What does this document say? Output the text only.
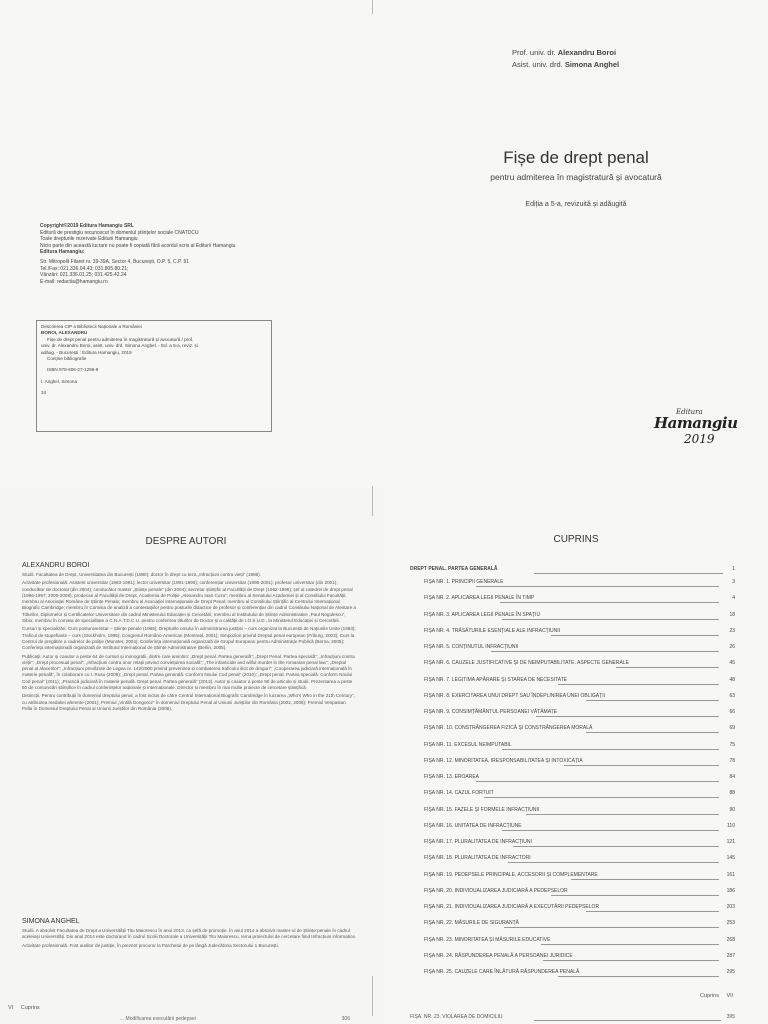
Prof. univ. dr. Alexandru Boroi
Asist. univ. drd. Simona Anghel
Fișe de drept penal
pentru admiterea în magistratură și avocatură
Ediția a 5-a, revizuită și adăugită
Editura
Hamangiu
2019
Copyright©2019 Editura Hamangiu SRL
Editură de prestigiu recunoscut în domeniul științelor sociale CNATDCU
Toate drepturile rezervate Editurii Hamangiu
Nicio parte din această lucrare nu poate fi copiată fără acordul scris al Editurii Hamangiu
Editura Hamangiu:
Str. Mitropolit Filaret nr. 39-39A, Sector 4, București, O.P. 5, C.P. 91
Tel./Fax: 021.336.04.43; 031.805.80.21;
Vânzări: 021.336.01.25; 031.425.42.24
E-mail: redactia@hamangiu.ro
Descrierea CIP a Bibliotecii Naționale a României
BOROI, ALEXANDRU
Fișe de drept penal pentru admiterea în magistratură și avocatură / prof.
univ. dr. Alexandru Boroi, asist. univ. drd. Simona Anghel. - Ed. a 5-a, reviz. și
adăug. - București : Editura Hamangiu, 2019
Conține bibliografie
ISBN 978-606-27-1296-9
I. Anghel, Simona
34
DESPRE AUTORI
ALEXANDRU BOROI

Studii. Facultatea de Drept, Universitatea din București (1980); doctor în drept cu teza „Infracțiuni contra vieții” (1996).

Activitate profesională. Asistent universitar (1983-1991); lector universitar (1991-1996); conferențiar universitar (1996-2001); profesor universitar (din 2001); conducător de doctorat (din 2004); conducător master „Științe penale” (din 2004); secretar științific al Facultății de Drept (1992-1996); șef al catedrei de drept penal (1996-1997; 2000-2008); prodecan al Facultății de Drept, Academia de Poliție „Alexandru Ioan Cuza”; membru al Senatului Academiei și al Consiliului Facultății; membru al Asociației Române de Științe Penale; membru al Asociației Internaționale de Drept Penal; membru al Consiliului Științific al Centrului Internațional Biografic Cambridge; membru în Comisia de analiză a contestațiilor pentru posturile didactice de profesor și conferențiar din cadrul Consiliului Național de Atestare a Titlurilor, Diplomelor și Certificatelor Universitare din cadrul Ministerului Educației și Cercetării; membru al Institutului de Științe Administrative „Paul Negulescu”, Sibiu; membru în comisia de specialitate a C.N.A.T.D.C.U. pentru conferirea titlurilor de Doctor și a calității de I.O.S.U.D., la Ministerul Educației și Cercetării.

Cursuri și specializări. Curs postuniversitar – Științe penale (1985); Drepturile omului în administrarea justiției – curs organizat la București de Națiunile Unite (1993); Traficul de stupefiante – curs (Stockholm, 1995); Congresul Româno-American (Montreal, 2001); Simpozion privind Dreptul penal european (Friburg, 2003); Curs la Centrul de pregătire a cadrelor de poliție (Munster, 2004); Conferința internațională organizată de Grupul European pentru Administrație Publică (Berna, 2005); Conferința internațională organizată de Institutul Internațional de Științe Administrative (Berlin, 2005).

Publicații. Autor și coautor a peste 64 de cursuri și monografii, dintre care amintim: „Drept penal. Partea generală”; „Drept Penal. Partea specială”; „Infracțiuni contra vieții”; „Drept procesual penal”; „Infracțiuni contra unor relații privind conviețuirea socială”; „The infanticide and wilful murder in the romanian penal law”; „Dreptul penal al afacerilor”; „Infracțiuni prevăzute de Legea nr. 143/2000 privind prevenirea și combaterea traficului ilicit de droguri”; „Cooperarea judiciară internațională în materie penală”, în colaborare cu I. Rusu (2008); „Drept penal. Partea generală. Conform Noului Cod penal” (2010); „Drept penal. Partea specială. Conform Noului Cod penal” (2011); „Practică judiciară în materie penală. Drept penal. Partea generală” (2013). Autor și coautor a peste 90 de articole și studii. Prezentarea a peste 50 de comunicări științifice în cadrul conferințelor naționale și internaționale. Director și membru în mai multe proiecte de cercetare științifică.

Distincții. Pentru contribuții în domeniul dreptului penal, a fost inclus de către Centrul Internațional Biografic Cambridge în lucrarea „Who's Who in the 21th Century”, cu atribuirea medaliei aferente (2001); Premiul „Vintilă Dongoroz” în domeniul Dreptului Penal al Uniunii Juriștilor din România (2002, 2006); Premiul Vespasian Pella în Domeniul Dreptului Penal al Uniunii Juriștilor din România (2008).

SIMONA ANGHEL

Studii. A absolvit Facultatea de Drept a Universității Titu Maiorescu în anul 2013, ca șefă de promoție. În anul 2014 a absolvit master-ul de Științe penale în cadrul aceleiași Universități. Din anul 2014 este doctorand în cadrul Școlii Doctorale a Universității Titu Maiorescu, tema proiectului de cercetare fiind Infracțiuni informatice.

Activitate profesională. Fost auditor de justiție, în prezent procuror la Parchetul de pe lângă Judecătoria Sectorului 1 București.

VI Cuprins
... Modificarea executării pedepsei	306
CUPRINS
DREPT PENAL. PARTEA GENERALĂ	1
FIȘA NR. 1. PRINCIPII GENERALE	3
FIȘA NR. 2. APLICAREA LEGII PENALE ÎN TIMP	4
FIȘA NR. 3. APLICAREA LEGII PENALE ÎN SPAȚIU	18
FIȘA NR. 4. TRĂSĂTURILE ESENȚIALE ALE INFRACȚIUNII	23
FIȘA NR. 5. CONȚINUTUL INFRACȚIUNII	26
FIȘA NR. 6. CAUZELE JUSTIFICATIVE ȘI DE NEIMPUTABILITATE. ASPECTE GENERALE	45
FIȘA NR. 7. LEGITIMA APĂRARE ȘI STAREA DE NECESITATE	48
FIȘA NR. 8. EXERCITAREA UNUI DREPT SAU ÎNDEPLINIREA UNEI OBLIGAȚII	63
FIȘA NR. 9. CONSIMȚĂMÂNTUL PERSOANEI VĂTĂMATE	66
FIȘA NR. 10. CONSTRÂNGEREA FIZICĂ ȘI CONSTRÂNGEREA MORALĂ	69
FIȘA NR. 11. EXCESUL NEIMPUTABIL	75
FIȘA NR. 12. MINORITATEA, IRESPONSABILITATEA ȘI INTOXICAȚIA	78
FIȘA NR. 13. EROAREA	84
FIȘA NR. 14. CAZUL FORTUIT	88
FIȘA NR. 15. FAZELE ȘI FORMELE INFRACȚIUNII	90
FIȘA NR. 16. UNITATEA DE INFRACȚIUNE	110
FIȘA NR. 17. PLURALITATEA DE INFRACȚIUNI	121
FIȘA NR. 18. PLURALITATEA DE INFRACTORI	145
FIȘA NR. 19. PEDEPSELE PRINCIPALE, ACCESORII ȘI COMPLEMENTARE	161
FIȘA NR. 20. INDIVIDUALIZAREA JUDICIARĂ A PEDEPSELOR	186
FIȘA NR. 21. INDIVIDUALIZAREA JUDICIARĂ A EXECUTĂRII PEDEPSELOR	203
FIȘA NR. 22. MĂSURILE DE SIGURANȚĂ	253
FIȘA NR. 23. MINORITATEA ȘI MĂSURILE EDUCATIVE	268
FIȘA NR. 24. RĂSPUNDEREA PENALĂ A PERSOANEI JURIDICE	287
FIȘA NR. 25. CAUZELE CARE ÎNLĂTURĂ RĂSPUNDEREA PENALĂ	295
Cuprins VII
FIȘA. NR. 23. VIOLAREA DE DOMICILIU	395
